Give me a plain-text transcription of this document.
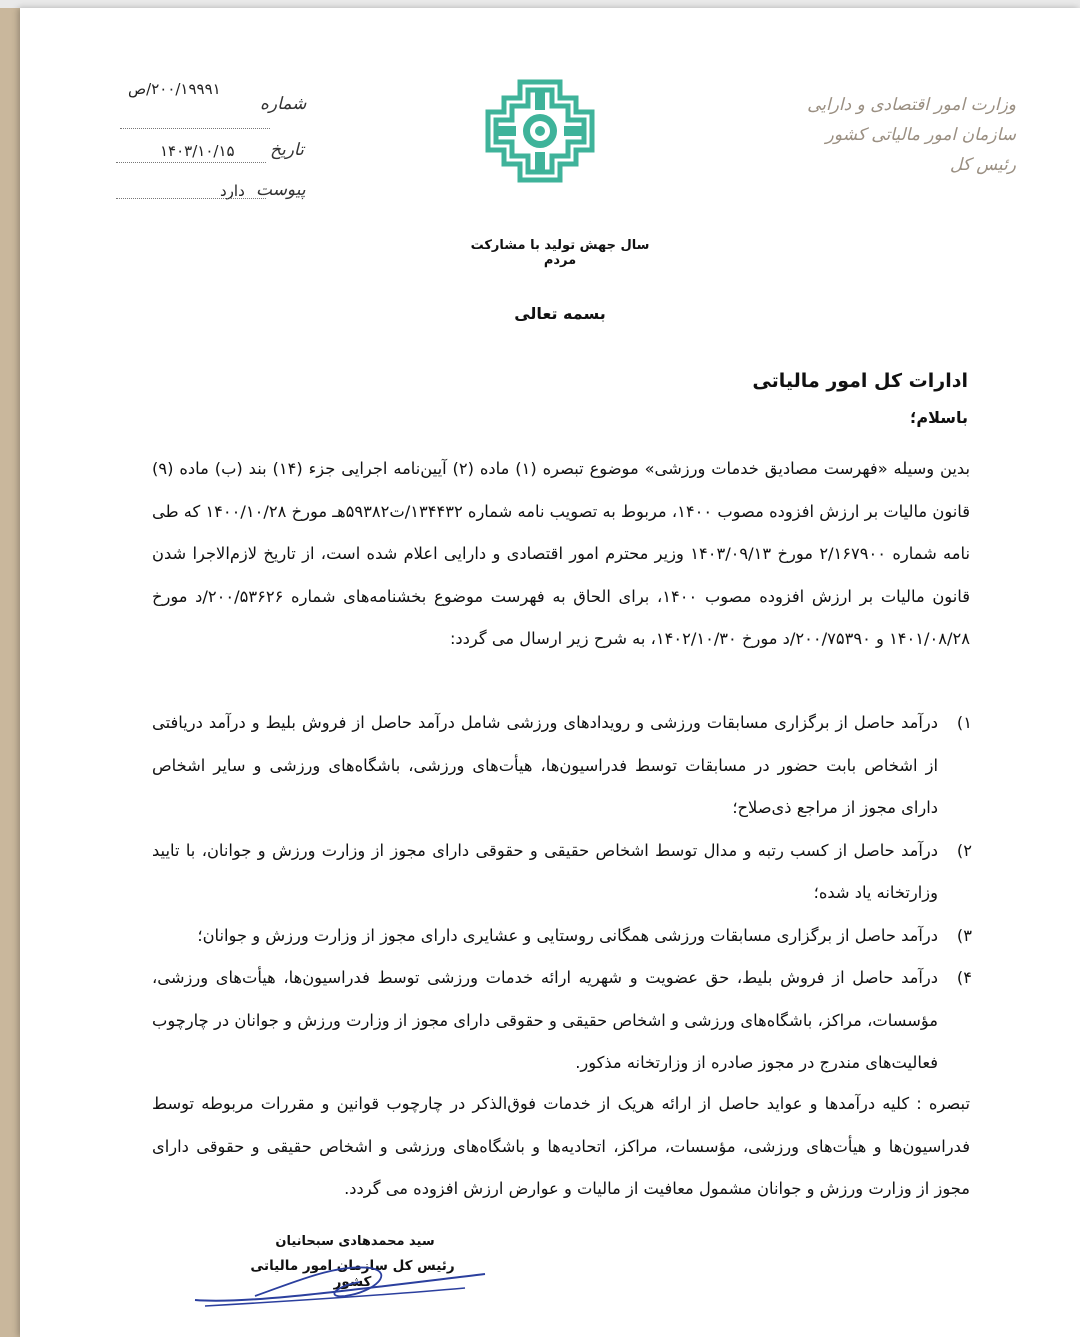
۲۰۰/۱۹۹۹۱/ص
شماره
۱۴۰۳/۱۰/۱۵ تاریخ
دارد پیوست
وزارت امور اقتصادی و دارایی
سازمان امور مالیاتی کشور
رئیس کل
سال جهش تولید با مشارکت مردم
بسمه تعالی
ادارات کل امور مالیاتی
باسلام؛

بدین وسیله «فهرست مصادیق خدمات ورزشی» موضوع تبصره (۱) ماده (۲) آیین‌نامه اجرایی جزء (۱۴) بند (ب) ماده (۹) قانون مالیات بر ارزش افزوده مصوب ۱۴۰۰، مربوط به تصویب نامه شماره ۱۳۴۴۳۲/ت۵۹۳۸۲هـ مورخ ۱۴۰۰/۱۰/۲۸ که طی نامه شماره ۲/۱۶۷۹۰۰ مورخ ۱۴۰۳/۰۹/۱۳ وزیر محترم امور اقتصادی و دارایی اعلام شده است، از تاریخ لازم‌الاجرا شدن قانون مالیات بر ارزش افزوده مصوب ۱۴۰۰، برای الحاق به فهرست موضوع بخشنامه‌های شماره ۲۰۰/۵۳۶۲۶/د مورخ ۱۴۰۱/۰۸/۲۸ و ۲۰۰/۷۵۳۹۰/د مورخ ۱۴۰۲/۱۰/۳۰، به شرح زیر ارسال می گردد:

۱)
درآمد حاصل از برگزاری مسابقات ورزشی و رویدادهای ورزشی شامل درآمد حاصل از فروش بلیط و درآمد دریافتی از اشخاص بابت حضور در مسابقات توسط فدراسیون‌ها، هیأت‌های ورزشی، باشگاه‌های ورزشی و سایر اشخاص دارای مجوز از مراجع ذی‌صلاح؛
۲)
درآمد حاصل از کسب رتبه و مدال توسط اشخاص حقیقی و حقوقی دارای مجوز از وزارت ورزش و جوانان، با تایید وزارتخانه یاد شده؛
۳)
درآمد حاصل از برگزاری مسابقات ورزشی همگانی روستایی و عشایری دارای مجوز از وزارت ورزش و جوانان؛
۴)
درآمد حاصل از فروش بلیط، حق عضویت و شهریه ارائه خدمات ورزشی توسط فدراسیون‌ها، هیأت‌های ورزشی، مؤسسات، مراکز، باشگاه‌های ورزشی و اشخاص حقیقی و حقوقی دارای مجوز از وزارت ورزش و جوانان در چارچوب فعالیت‌های مندرج در مجوز صادره از وزارتخانه مذکور.
تبصره : کلیه درآمدها و عواید حاصل از ارائه هریک از خدمات فوق‌الذکر در چارچوب قوانین و مقررات مربوطه توسط فدراسیون‌ها و هیأت‌های ورزشی، مؤسسات، مراکز، اتحادیه‌ها و باشگاه‌های ورزشی و اشخاص حقیقی و حقوقی دارای مجوز از وزارت ورزش و جوانان مشمول معافیت از مالیات و عوارض ارزش افزوده می گردد.
سید محمدهادی سبحانیان
رئیس کل سازمان امور مالیاتی کشور
